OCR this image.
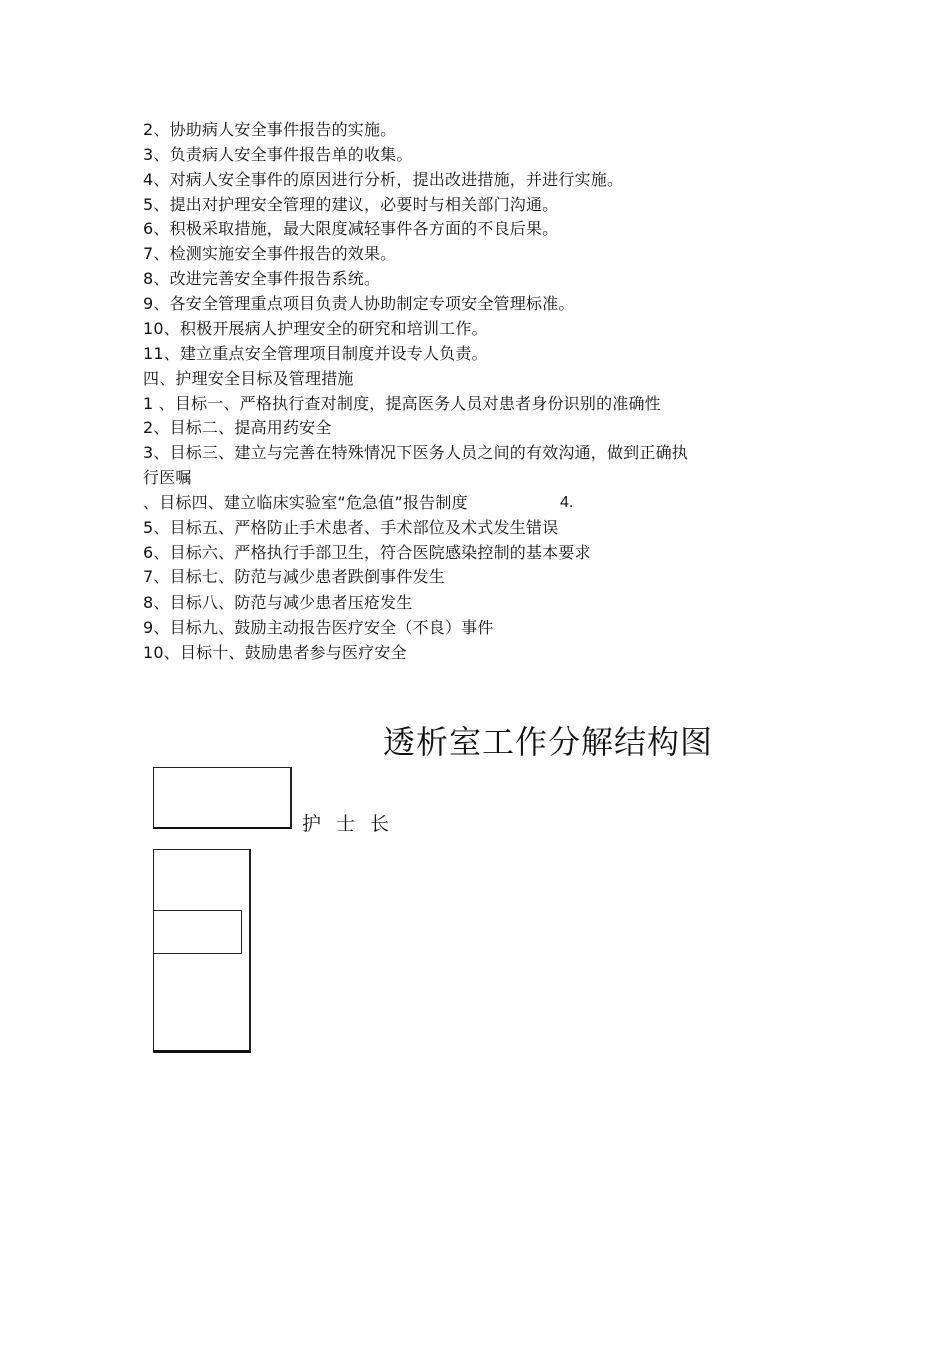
2、协助病人安全事件报告的实施。
3、负责病人安全事件报告单的收集。
4、对病人安全事件的原因进行分析，提出改进措施，并进行实施。
5、提出对护理安全管理的建议，必要时与相关部门沟通。
6、积极采取措施，最大限度减轻事件各方面的不良后果。
7、检测实施安全事件报告的效果。
8、改进完善安全事件报告系统。
9、各安全管理重点项目负责人协助制定专项安全管理标准。
10、积极开展病人护理安全的研究和培训工作。
11、建立重点安全管理项目制度并设专人负责。
四、护理安全目标及管理措施
1 、目标一、严格执行查对制度，提高医务人员对患者身份识别的准确性
2、目标二、提高用药安全
3、目标三、建立与完善在特殊情况下医务人员之间的有效沟通，做到正确执
行医嘱
、目标四、建立临床实验室“危急值”报告制度	4.
5、目标五、严格防止手术患者、手术部位及术式发生错误
6、目标六、严格执行手部卫生，符合医院感染控制的基本要求
7、目标七、防范与减少患者跌倒事件发生
8、目标八、防范与减少患者压疮发生
9、目标九、鼓励主动报告医疗安全（不良）事件
10、目标十、鼓励患者参与医疗安全
透析室工作分解结构图
护士长
